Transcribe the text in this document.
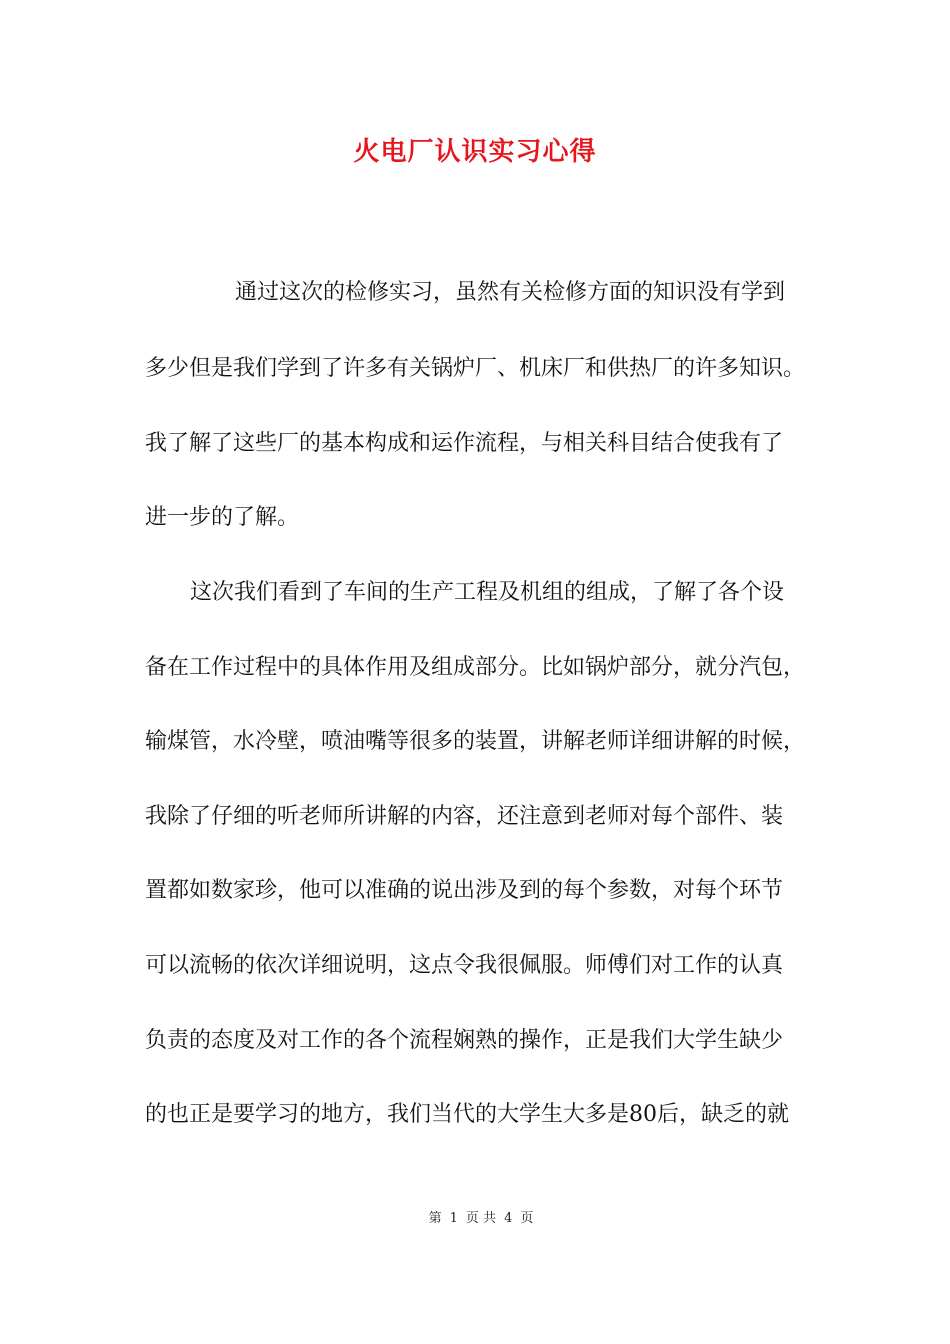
火电厂认识实习心得
通过这次的检修实习，虽然有关检修方面的知识没有学到
多少但是我们学到了许多有关锅炉厂、机床厂和供热厂的许多知识。
我了解了这些厂的基本构成和运作流程，与相关科目结合使我有了
进一步的了解。
这次我们看到了车间的生产工程及机组的组成，了解了各个设
备在工作过程中的具体作用及组成部分。比如锅炉部分，就分汽包，
输煤管，水冷壁，喷油嘴等很多的装置，讲解老师详细讲解的时候，
我除了仔细的听老师所讲解的内容，还注意到老师对每个部件、装
置都如数家珍，他可以准确的说出涉及到的每个参数，对每个环节
可以流畅的依次详细说明，这点令我很佩服。师傅们对工作的认真
负责的态度及对工作的各个流程娴熟的操作，正是我们大学生缺少
的也正是要学习的地方，我们当代的大学生大多是80后，缺乏的就
第 1 页 共 4 页
